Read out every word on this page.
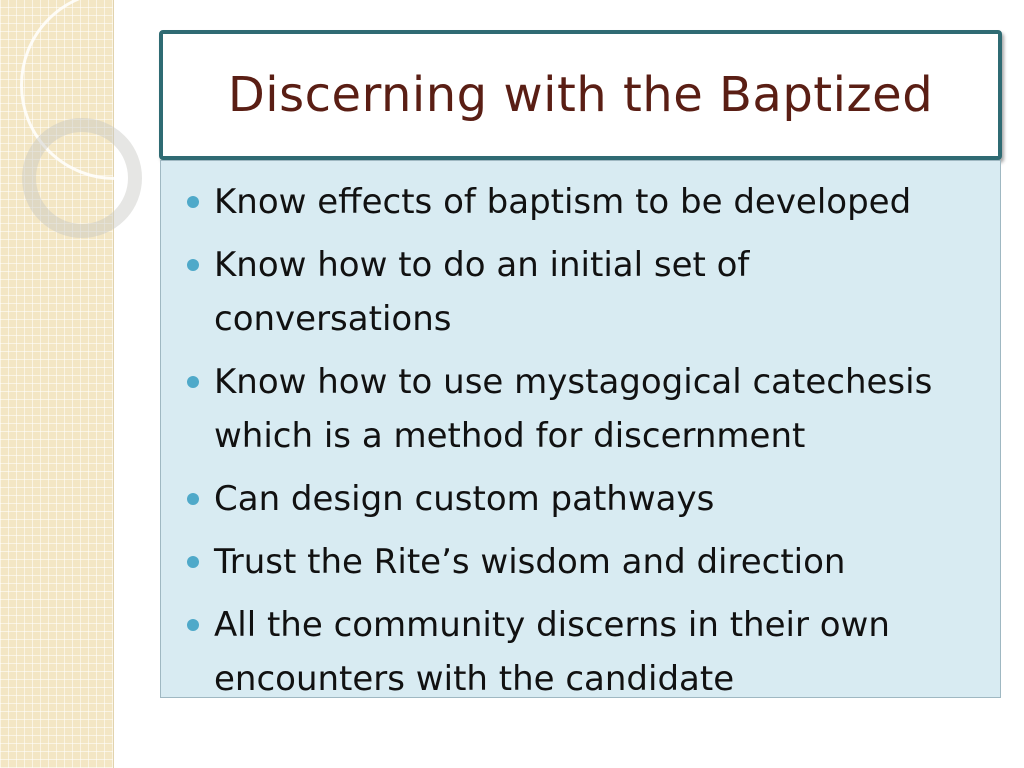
Discerning with the Baptized
Know effects of baptism to be developed
Know how to do an initial set of conversations
Know how to use mystagogical catechesis which is a method for discernment
Can design custom pathways
Trust the Rite’s wisdom and direction
All the community discerns in their own encounters with the candidate
